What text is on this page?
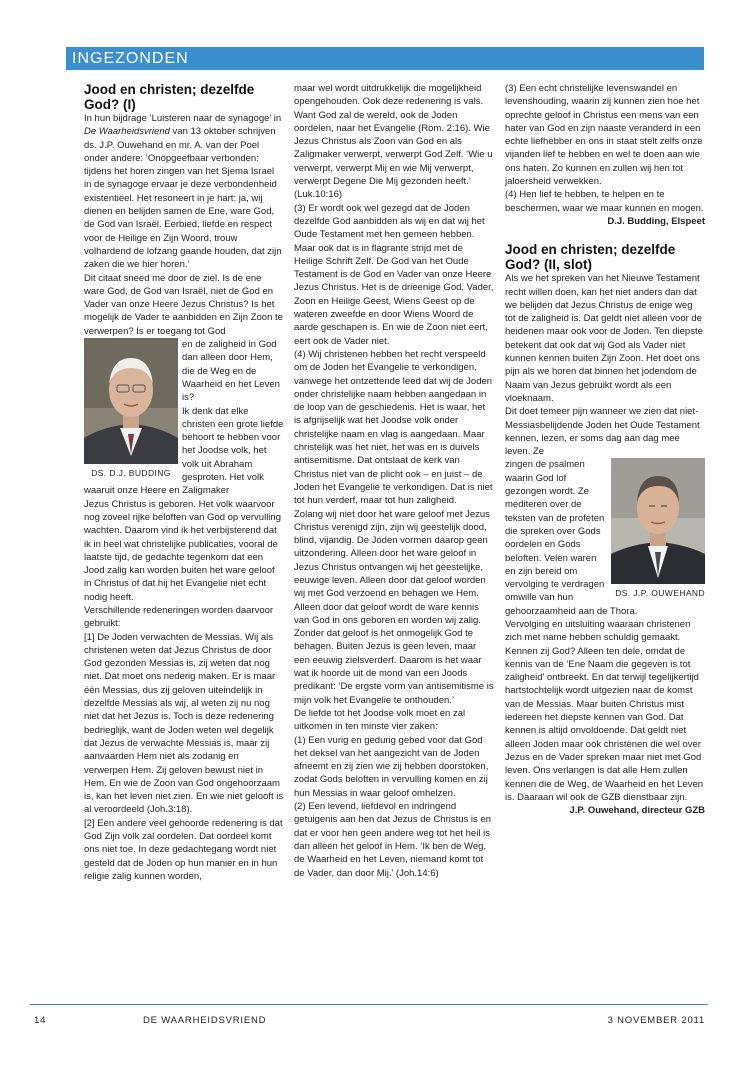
INGEZONDEN
Jood en christen; dezelfde God? (I)

In hun bijdrage ‘Luisteren naar de synagoge’ in De Waarheidsvriend van 13 oktober schrijven ds. J.P. Ouwehand en mr. A. van der Poel onder andere: ‘Onopgeefbaar verbonden: tijdens het horen zingen van het Sjema Israel in de synagoge ervaar je deze verbondenheid existentieel. Het resoneert in je hart: ja, wij dienen en belijden samen de Ene, ware God, de God van Israël. Eerbied, liefde en respect voor de Heilige en Zijn Woord, trouw volhardend de lofzang gaande houden, dat zijn zaken die we hier horen.’

Dit citaat sneed me door de ziel. Is de ene ware God, de God van Israël, niet de God en Vader van onze Heere Jezus Christus? Is het mogelijk de Vader te aanbidden en Zijn Zoon te verwerpen? Is er toegang tot God

DS. D.J. BUDDING

en de zaligheid in God dan alleen door Hem, die de Weg en de Waarheid en het Leven is?

Ik denk dat elke christen een grote liefde behoort te hebben voor het Joodse volk, het volk uit Abraham gesproten. Het volk waaruit onze Heere en Zaligmaker

Jezus Christus is geboren. Het volk waarvoor nog zoveel rijke beloften van God op vervulling wachten. Daarom vind ik het verbijsterend dat ik in heel wat christelijke publicaties, vooral de laatste tijd, de gedachte tegenkom dat een Jood zalig kan worden buiten het ware geloof in Christus of dat hij het Evangelie niet echt nodig heeft.

Verschillende redeneringen worden daarvoor gebruikt:

[1] De Joden verwachten de Messias. Wij als christenen weten dat Jezus Christus de door God gezonden Messias is, zij weten dat nog niet. Dat moet ons nederig maken. Er is maar één Messias, dus zij geloven uiteindelijk in dezelfde Messias als wij, al weten zij nu nog niet dat het Jezus is. Toch is deze redenering bedrieglijk, want de Joden weten wel degelijk dat Jezus de verwachte Messias is, maar zij aanvaarden Hem niet als zodanig en verwerpen Hem. Zij geloven bewust niet in Hem. En wie de Zoon van God ongehoorzaam is, kan het leven niet zien. En wie niet gelooft is al veroordeeld (Joh.3:18).

[2] Een andere veel gehoorde redenering is dat God Zijn volk zal oordelen. Dat oordeel komt ons niet toe. In deze gedachtegang wordt niet gesteld dat de Joden op hun manier en in hun religie zalig kunnen worden,

maar wel wordt uitdrukkelijk die mogelijkheid opengehouden. Ook deze redenering is vals. Want God zal de wereld, ook de Joden oordelen, naar het Evangelie (Rom. 2:16). Wie Jezus Christus als Zoon van God en als Zaligmaker verwerpt, verwerpt God Zelf. ‘Wie u verwerpt, verwerpt Mij en wie Mij verwerpt, verwerpt Degene Die Mij gezonden heeft.’ (Luk.10:16)

(3) Er wordt ook wel gezegd dat de Joden dezelfde God aanbidden als wij en dat wij het Oude Testament met hen gemeen hebben. Maar ook dat is in flagrante strijd met de Heilige Schrift Zelf. De God van het Oude Testament is de God en Vader van onze Heere Jezus Christus. Het is de drieenige God, Vader, Zoon en Heilige Geest, Wiens Geest op de wateren zweefde en door Wiens Woord de aarde geschapen is. En wie de Zoon niet eert, eert ook de Vader niet.

(4) Wij christenen hebben het recht verspeeld om de Joden het Evangelie te verkondigen, vanwege het ontzettende leed dat wij de Joden onder christelijke naam hebben aangedaan in de loop van de geschiedenis. Het is waar, het is afgrijselijk wat het Joodse volk onder christelijke naam en vlag is aangedaan. Maar christelijk was het niet, het was en is duivels antisemitisme. Dat ontslaat de kerk van Christus niet van de plicht ook – en juist – de Joden het Evangelie te verkondigen. Dat is niet tot hun verderf, maar tot hun zaligheid.

Zolang wij niet door het ware geloof met Jezus Christus verenigd zijn, zijn wij geestelijk dood, blind, vijandig. De Joden vormen daarop geen uitzondering. Alleen door het ware geloof in Jezus Christus ontvangen wij het geestelijke, eeuwige leven. Alleen door dat geloof worden wij met God verzoend en behagen we Hem. Alleen door dat geloof wordt de ware kennis van God in ons geboren en worden wij zalig. Zonder dat geloof is het onmogelijk God te behagen. Buiten Jezus is geen leven, maar een eeuwig zielsverderf. Daarom is het waar wat ik hoorde uit de mond van een Joods predikant: ‘De ergste vorm van antisemitisme is mijn volk het Evangelie te onthouden.’

De liefde tot het Joodse volk moet en zal uitkomen in ten minste vier zaken:

(1) Een vurig en gedurig gebed voor dat God het deksel van het aangezicht van de Joden afneemt en zij zien wie zij hebben doorstoken, zodat Gods beloften in vervulling komen en zij hun Messias in waar geloof omhelzen.

(2) Een levend, liefdevol en indringend getuigenis aan hen dat Jezus de Christus is en dat er voor hen geen andere weg tot het heil is dan alleen het geloof in Hem. ‘Ik ben de Weg, de Waarheid en het Leven, niemand komt tot de Vader, dan door Mij.’ (Joh.14:6)

(3) Een echt christelijke levenswandel en levenshouding, waarin zij kunnen zien hoe het oprechte geloof in Christus een mens van een hater van God en zijn naaste veranderd in een echte liefhebber en ons in staat stelt zelfs onze vijanden lief te hebben en wel te doen aan wie ons haten. Zo kunnen en zullen wij hen tot jaloersheid verwekken.

(4) Hen lief te hebben, te helpen en te beschermen, waar we maar kunnen en mogen.

D.J. Budding, Elspeet

Jood en christen; dezelfde God? (II, slot)

Als we het spreken van het Nieuwe Testament recht willen doen, kan het niet anders dan dat we belijden dat Jezus Christus de enige weg tot de zaligheid is. Dat geldt niet alleen voor de heidenen maar ook voor de Joden. Ten diepste betekent dat ook dat wij God als Vader niet kunnen kennen buiten Zijn Zoon. Het doet ons pijn als we horen dat binnen het jodendom de Naam van Jezus gebruikt wordt als een vloeknaam.

Dit doet temeer pijn wanneer we zien dat niet-Messiasbelijdende Joden het Oude Testament kennen, lezen, er soms dag aan dag mee leven. Ze

DS. J.P. OUWEHAND

zingen de psalmen waarin God lof gezongen wordt. Ze mediteren over de teksten van de profeten die spreken over Gods oordelen en Gods beloften. Velen waren en zijn bereid om vervolging te verdragen omwille van hun gehoorzaamheid aan de Thora.

Vervolging en uitsluiting waaraan christenen zich met name hebben schuldig gemaakt.

Kennen zij God? Alleen ten dele, omdat de kennis van de ‘Ene Naam die gegeven is tot zaligheid’ ontbreekt. En dat terwijl tegelijkertijd hartstochtelijk wordt uitgezien naar de komst van de Messias. Maar buiten Christus mist iedereen het diepste kennen van God. Dat kennen is altijd onvoldoende. Dat geldt niet alleen Joden maar ook christenen die wel over Jezus en de Vader spreken maar niet met God leven. Ons verlangen is dat alle Hem zullen kennen die de Weg, de Waarheid en het Leven is. Daaraan wil ook de GZB dienstbaar zijn.

J.P. Ouwehand, directeur GZB

14	DE WAARHEIDSVRIEND	3 NOVEMBER 2011
